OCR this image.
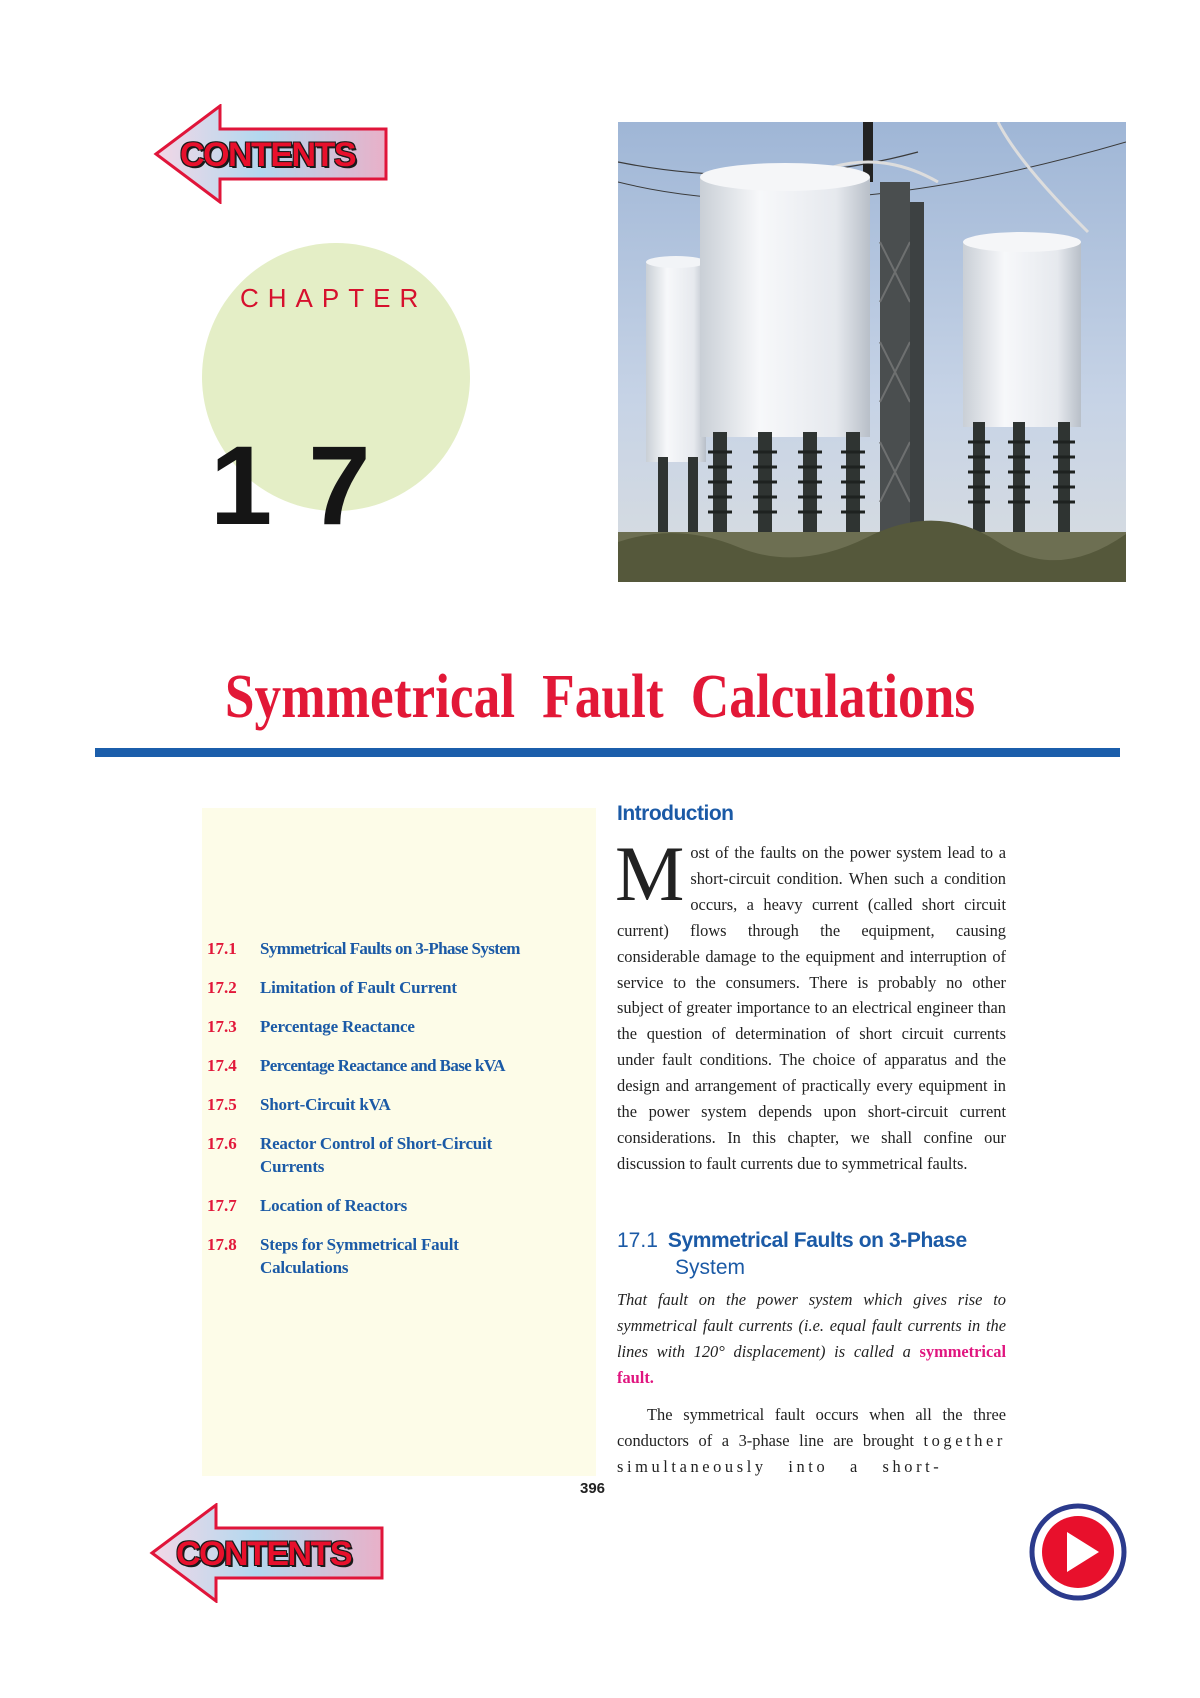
CONTENTS
CHAPTER
17
Symmetrical Fault Calculations
17.1	Symmetrical Faults on 3-Phase System
17.2	Limitation of Fault Current
17.3	Percentage Reactance
17.4	Percentage Reactance and Base kVA
17.5	Short-Circuit kVA
17.6	Reactor Control of Short-Circuit Currents
17.7	Location of Reactors
17.8	Steps for Symmetrical Fault Calculations
Introduction

Most of the faults on the power system lead to a short-circuit condition. When such a condition occurs, a heavy current (called short circuit current) flows through the equipment, causing considerable damage to the equipment and interruption of service to the consumers. There is probably no other subject of greater importance to an electrical engineer than the question of determination of short circuit currents under fault conditions. The choice of apparatus and the design and arrangement of practically every equipment in the power system depends upon short-circuit current considerations. In this chapter, we shall confine our discussion to fault currents due to symmetrical faults.

17.1 Symmetrical Faults on 3-Phase
System

That fault on the power system which gives rise to symmetrical fault currents (i.e. equal fault currents in the lines with 120° displacement) is called a symmetrical fault.

The symmetrical fault occurs when all the three conductors of a 3-phase line are brought together simultaneously into a short-

396
CONTENTS
